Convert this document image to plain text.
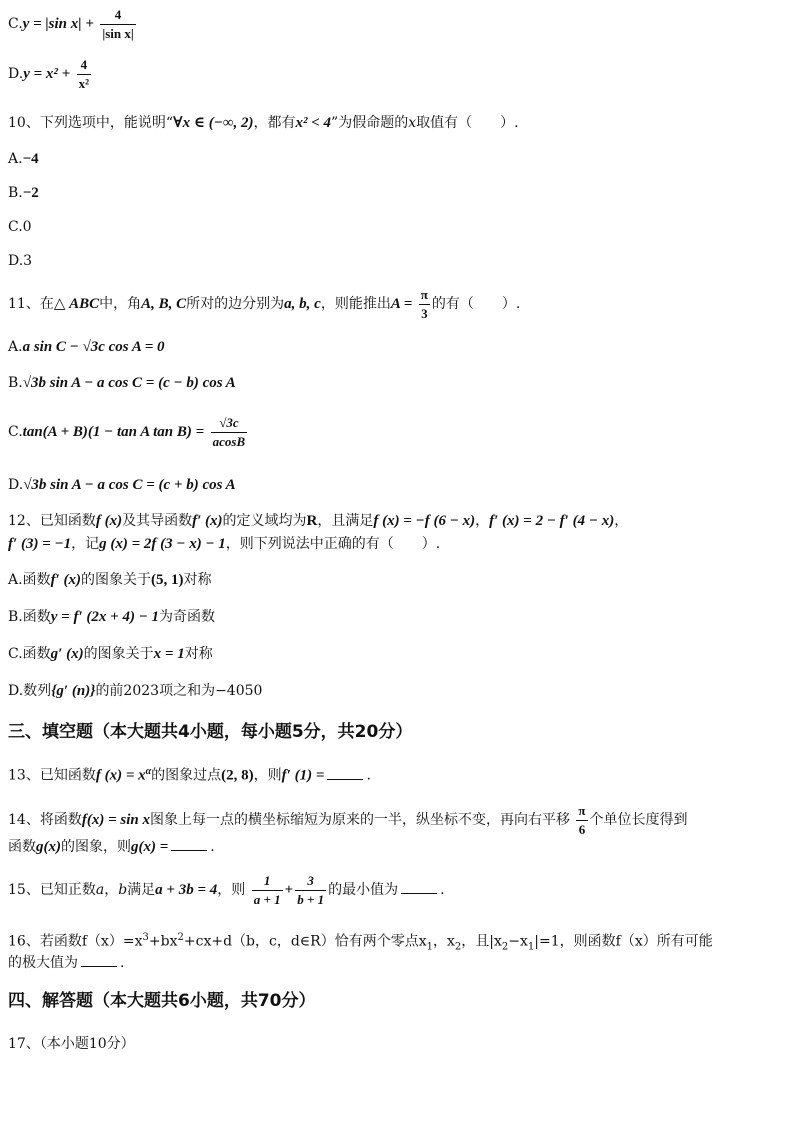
C.y = |sin $x| + \frac{4}{\text{|sin x|}}$
$D.y = x^2 + \frac{4}{\text{x²}}$
10、下列选项中，能说明“∀x ∈ (−∞, 2)，都有x² < 4”为假命题的x取值有（　　）.
A.−4
B.−2
C.0
D.3
11、在△ ABC中，角A, B, C所对的边分别为a, b, c，则能推出$A = \frac{\pi}{3}$ 的有（　　）.
A.a sin C − √3c cos A = 0
B.√3b sin A − a cos C = (c − b) cos A
C.tan(A + B)(1 − tan A $\tan B) = \frac{√3c}{acosB}$
D.√3b sin A − a cos C = (c + b) cos A
12、已知函数f (x)及其导函数f′ (x)的定义域均为R，且满足f (x) = −f (6 − x)，f′ (x) = 2 − f′ (4 − x)，
f′ (3) = −1，记g (x) = 2f (3 − x) − 1，则下列说法中正确的有（　　）.
A.函数f′ (x)的图象关于(5, 1)对称
B.函数y = f′ (2x + 4) − 1为奇函数
C.函数g′ (x)的图象关于x = 1对称
D.数列{g′ (n)}的前2023项之和为−4050
三、填空题（本大题共4小题，每小题5分，共20分）
13、已知函数f $(x) = x^\alpha$的图象过点(2, 8)，则f′ (1) =	.
14、将函数f(x) = sin x图象上每一点的横坐标缩短为原来的一半，纵坐标不变，再向右平移 $\frac{\pi}{6}$ 个单位长度得到
函数g(x)的图象，则g(x) =	.
15、已知正数a，b满足a + 3b = 4，则 $\frac{1}{a + 1} + \frac{3}{b + 1}$ 的最小值为	.
16、若函数$f(x)=x^3+bx^2+cx+d(b$，c，d∈R）恰有两个零点$x_1$，$x_2$，且$|x_2-x_1|=1$，则函数f（x）所有可能
的极大值为	.
四、解答题（本大题共6小题，共70分）
17、（本小题10分）
